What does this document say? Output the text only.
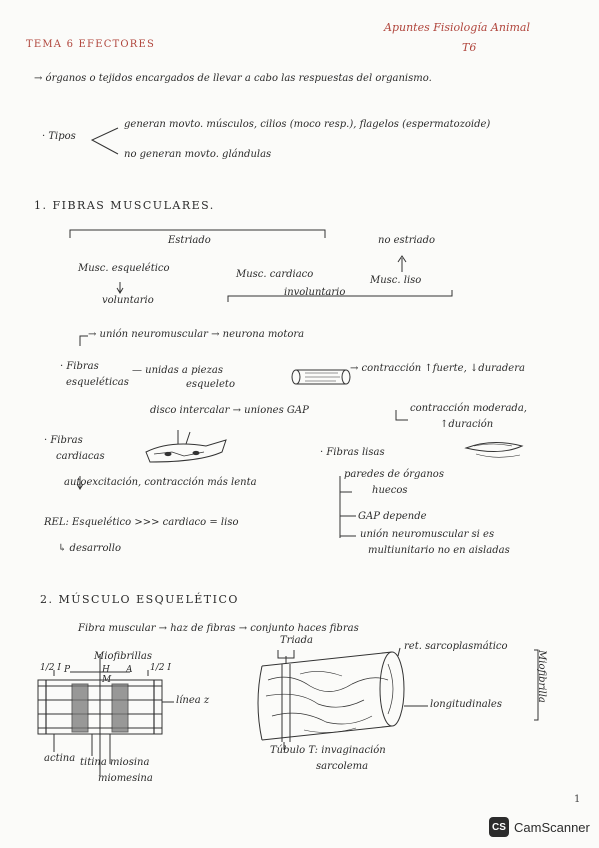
Apuntes Fisiología Animal
T6
TEMA 6 EFECTORES
→ órganos o tejidos encargados de llevar a cabo las respuestas del organismo.
· Tipos
generan movto. músculos, cilios (moco resp.), flagelos (espermatozoide)
no generan movto. glándulas
1. FIBRAS MUSCULARES.
Estriado	no estriado
Musc. esquelético
Musc. cardiaco
Musc. liso
voluntario
involuntario
→ unión neuromuscular → neurona motora
· Fibras
esqueléticas
— unidas a piezas
esqueleto
→ contracción ↑fuerte, ↓duradera
disco intercalar → uniones GAP	contracción moderada,
↑duración
· Fibras
cardiacas	· Fibras lisas
paredes de órganos
huecos
autoexcitación, contracción más lenta
GAP depende
unión neuromuscular si es
multiunitario no en aisladas
REL: Esquelético >>> cardiaco = liso
↳ desarrollo
2. MÚSCULO ESQUELÉTICO
Fibra muscular → haz de fibras → conjunto haces fibras
Miofibrillas
1/2 I	1/2 I
P	A
H
M
línea z
actina	miosina
titina
miomesina
Triada
ret. sarcoplasmático
longitudinales
Túbulo T: invaginación
sarcolema
Miofibrilla
1
CS CamScanner
